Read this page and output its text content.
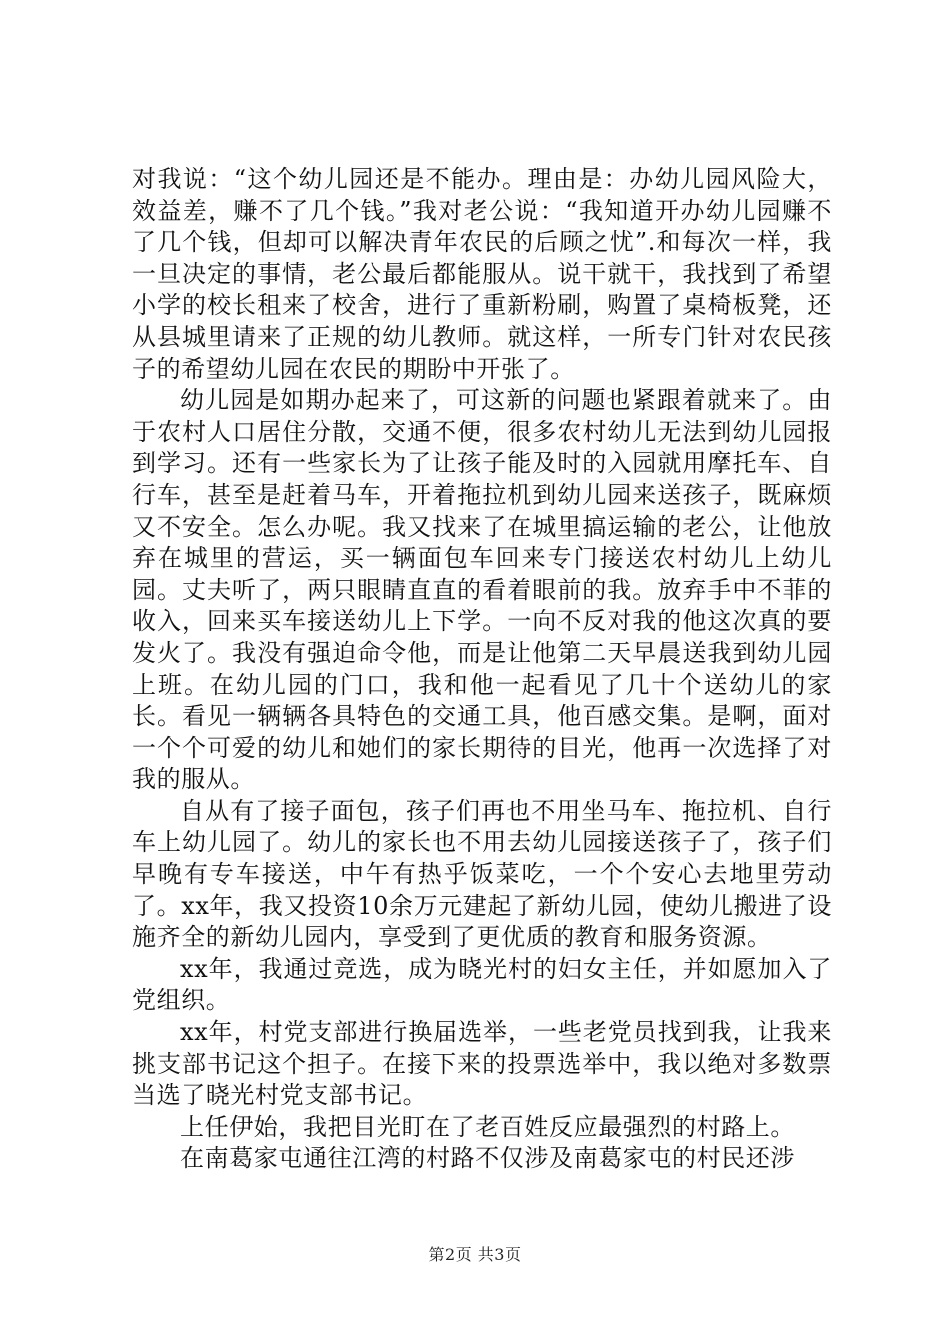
对我说：“这个幼儿园还是不能办。理由是：办幼儿园风险大，效益差，赚不了几个钱。”我对老公说：“我知道开办幼儿园赚不了几个钱，但却可以解决青年农民的后顾之忧”.和每次一样，我一旦决定的事情，老公最后都能服从。说干就干，我找到了希望小学的校长租来了校舍，进行了重新粉刷，购置了桌椅板凳，还从县城里请来了正规的幼儿教师。就这样，一所专门针对农民孩子的希望幼儿园在农民的期盼中开张了。

幼儿园是如期办起来了，可这新的问题也紧跟着就来了。由于农村人口居住分散，交通不便，很多农村幼儿无法到幼儿园报到学习。还有一些家长为了让孩子能及时的入园就用摩托车、自行车，甚至是赶着马车，开着拖拉机到幼儿园来送孩子，既麻烦又不安全。怎么办呢。我又找来了在城里搞运输的老公，让他放弃在城里的营运，买一辆面包车回来专门接送农村幼儿上幼儿园。丈夫听了，两只眼睛直直的看着眼前的我。放弃手中不菲的收入，回来买车接送幼儿上下学。一向不反对我的他这次真的要发火了。我没有强迫命令他，而是让他第二天早晨送我到幼儿园上班。在幼儿园的门口，我和他一起看见了几十个送幼儿的家长。看见一辆辆各具特色的交通工具，他百感交集。是啊，面对一个个可爱的幼儿和她们的家长期待的目光，他再一次选择了对我的服从。

自从有了接子面包，孩子们再也不用坐马车、拖拉机、自行车上幼儿园了。幼儿的家长也不用去幼儿园接送孩子了，孩子们早晚有专车接送，中午有热乎饭菜吃，一个个安心去地里劳动了。xx年，我又投资10余万元建起了新幼儿园，使幼儿搬进了设施齐全的新幼儿园内，享受到了更优质的教育和服务资源。

xx年，我通过竞选，成为晓光村的妇女主任，并如愿加入了党组织。

xx年，村党支部进行换届选举，一些老党员找到我，让我来挑支部书记这个担子。在接下来的投票选举中，我以绝对多数票当选了晓光村党支部书记。

上任伊始，我把目光盯在了老百姓反应最强烈的村路上。

在南葛家屯通往江湾的村路不仅涉及南葛家屯的村民还涉

第2页 共3页
